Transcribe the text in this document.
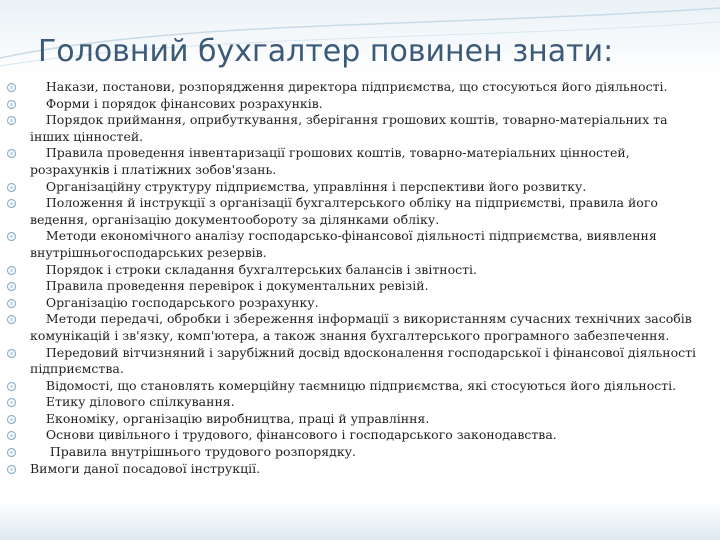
Головний бухгалтер повинен знати:
Накази, постанови, розпорядження директора підприємства, що стосуються його діяльності.
Форми і порядок фінансових розрахунків.
Порядок приймання, оприбуткування, зберігання грошових коштів, товарно-матеріальних та інших цінностей.
Правила проведення інвентаризації грошових коштів, товарно-матеріальних цінностей, розрахунків і платіжних зобов'язань.
Організаційну структуру підприємства, управління і перспективи його розвитку.
Положення й інструкції з організації бухгалтерського обліку на підприємстві, правила його ведення, організацію документообороту за ділянками обліку.
Методи економічного аналізу господарсько-фінансової діяльності підприємства, виявлення внутрішньогосподарських резервів.
Порядок і строки складання бухгалтерських балансів і звітності.
Правила проведення перевірок і документальних ревізій.
Організацію господарського розрахунку.
Методи передачі, обробки і збереження інформації з використанням сучасних технічних засобів комунікацій і зв'язку, комп'ютера, а також знання бухгалтерського програмного забезпечення.
Передовий вітчизняний і зарубіжний досвід вдосконалення господарської і фінансової діяльності підприємства.
Відомості, що становлять комерційну таємницю підприємства, які стосуються його діяльності.
Етику ділового спілкування.
Економіку, організацію виробництва, праці й управління.
Основи цивільного і трудового, фінансового і господарського законодавства.
Правила внутрішнього трудового розпорядку.
Вимоги даної посадової інструкції.
